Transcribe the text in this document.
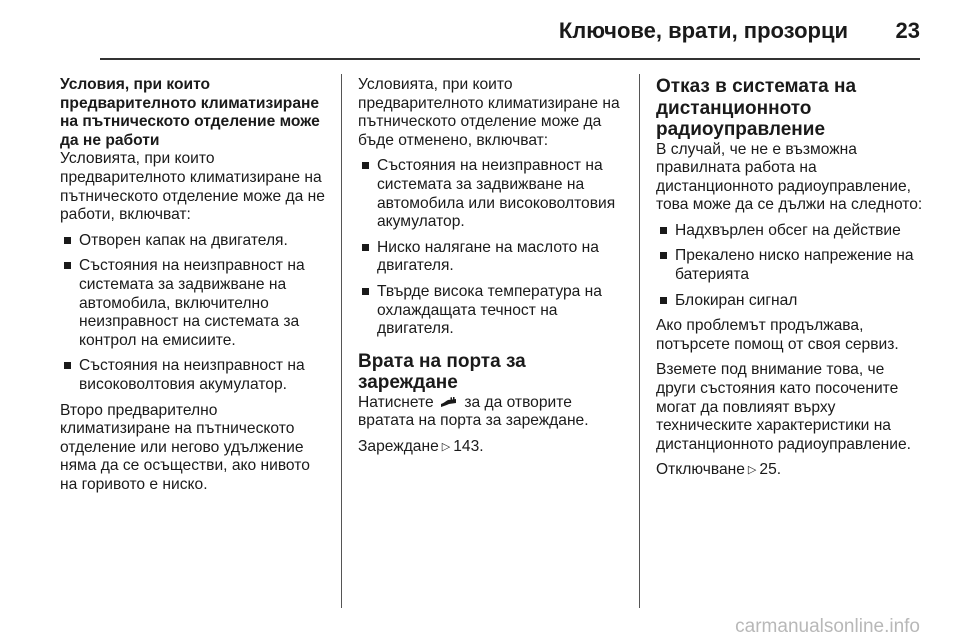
Ключове, врати, прозорци 23

Условия, при които предварителното климатизиране на пътническото отделение може да не работи

Условията, при които предварителното климатизиране на пътническото отделение може да не работи, включват:

Отворен капак на двигателя.
Състояния на неизправност на системата за задвижване на автомобила, включително неизправност на системата за контрол на емисиите.
Състояния на неизправност на високоволтовия акумулатор.

Второ предварително климатизиране на пътническото отделение или негово удължение няма да се осъществи, ако нивото на горивото е ниско.

Условията, при които предварителното климатизиране на пътническото отделение може да бъде отменено, включват:

Състояния на неизправност на системата за задвижване на автомобила или високоволтовия акумулатор.
Ниско налягане на маслото на двигателя.
Твърде висока температура на охлаждащата течност на двигателя.

Врата на порта за зареждане

Натиснете за да отворите вратата на порта за зареждане.

Зареждане ▷ 143.

Отказ в системата на дистанционното радиоуправление

В случай, че не е възможна правилната работа на дистанционното радиоуправление, това може да се дължи на следното:

Надхвърлен обсег на действие
Прекалено ниско напрежение на батерията
Блокиран сигнал

Ако проблемът продължава, потърсете помощ от своя сервиз.

Вземете под внимание това, че други състояния като посочените могат да повлияят върху техническите характеристики на дистанционното радиоуправление.

Отключване ▷ 25.

carmanualsonline.info
